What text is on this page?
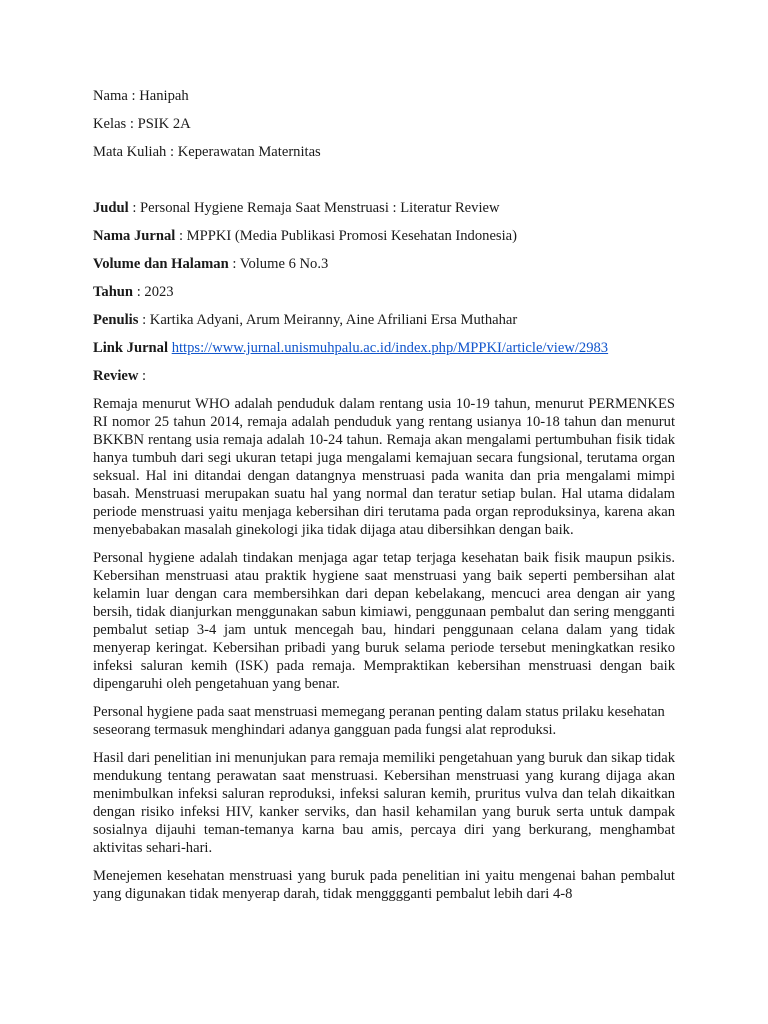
Nama : Hanipah

Kelas : PSIK 2A

Mata Kuliah : Keperawatan Maternitas

Judul : Personal Hygiene Remaja Saat Menstruasi : Literatur Review

Nama Jurnal : MPPKI (Media Publikasi Promosi Kesehatan Indonesia)

Volume dan Halaman : Volume 6 No.3

Tahun : 2023

Penulis : Kartika Adyani, Arum Meiranny, Aine Afriliani Ersa Muthahar

Link Jurnal https://www.jurnal.unismuhpalu.ac.id/index.php/MPPKI/article/view/2983

Review :

Remaja menurut WHO adalah penduduk dalam rentang usia 10-19 tahun, menurut PERMENKES RI nomor 25 tahun 2014, remaja adalah penduduk yang rentang usianya 10-18 tahun dan menurut BKKBN rentang usia remaja adalah 10-24 tahun. Remaja akan mengalami pertumbuhan fisik tidak hanya tumbuh dari segi ukuran tetapi juga mengalami kemajuan secara fungsional, terutama organ seksual. Hal ini ditandai dengan datangnya menstruasi pada wanita dan pria mengalami mimpi basah. Menstruasi merupakan suatu hal yang normal dan teratur setiap bulan. Hal utama didalam periode menstruasi yaitu menjaga kebersihan diri terutama pada organ reproduksinya, karena akan menyebabakan masalah ginekologi jika tidak dijaga atau dibersihkan dengan baik.

Personal hygiene adalah tindakan menjaga agar tetap terjaga kesehatan baik fisik maupun psikis. Kebersihan menstruasi atau praktik hygiene saat menstruasi yang baik seperti pembersihan alat kelamin luar dengan cara membersihkan dari depan kebelakang, mencuci area dengan air yang bersih, tidak dianjurkan menggunakan sabun kimiawi, penggunaan pembalut dan sering mengganti pembalut setiap 3-4 jam untuk mencegah bau, hindari penggunaan celana dalam yang tidak menyerap keringat. Kebersihan pribadi yang buruk selama periode tersebut meningkatkan resiko infeksi saluran kemih (ISK) pada remaja. Mempraktikan kebersihan menstruasi dengan baik dipengaruhi oleh pengetahuan yang benar.

Personal hygiene pada saat menstruasi memegang peranan penting dalam status prilaku kesehatan seseorang termasuk menghindari adanya gangguan pada fungsi alat reproduksi.

Hasil dari penelitian ini menunjukan para remaja memiliki pengetahuan yang buruk dan sikap tidak mendukung tentang perawatan saat menstruasi. Kebersihan menstruasi yang kurang dijaga akan menimbulkan infeksi saluran reproduksi, infeksi saluran kemih, pruritus vulva dan telah dikaitkan dengan risiko infeksi HIV, kanker serviks, dan hasil kehamilan yang buruk serta untuk dampak sosialnya dijauhi teman-temanya karna bau amis, percaya diri yang berkurang, menghambat aktivitas sehari-hari.

Menejemen kesehatan menstruasi yang buruk pada penelitian ini yaitu mengenai bahan pembalut yang digunakan tidak menyerap darah, tidak mengggganti pembalut lebih dari 4-8
